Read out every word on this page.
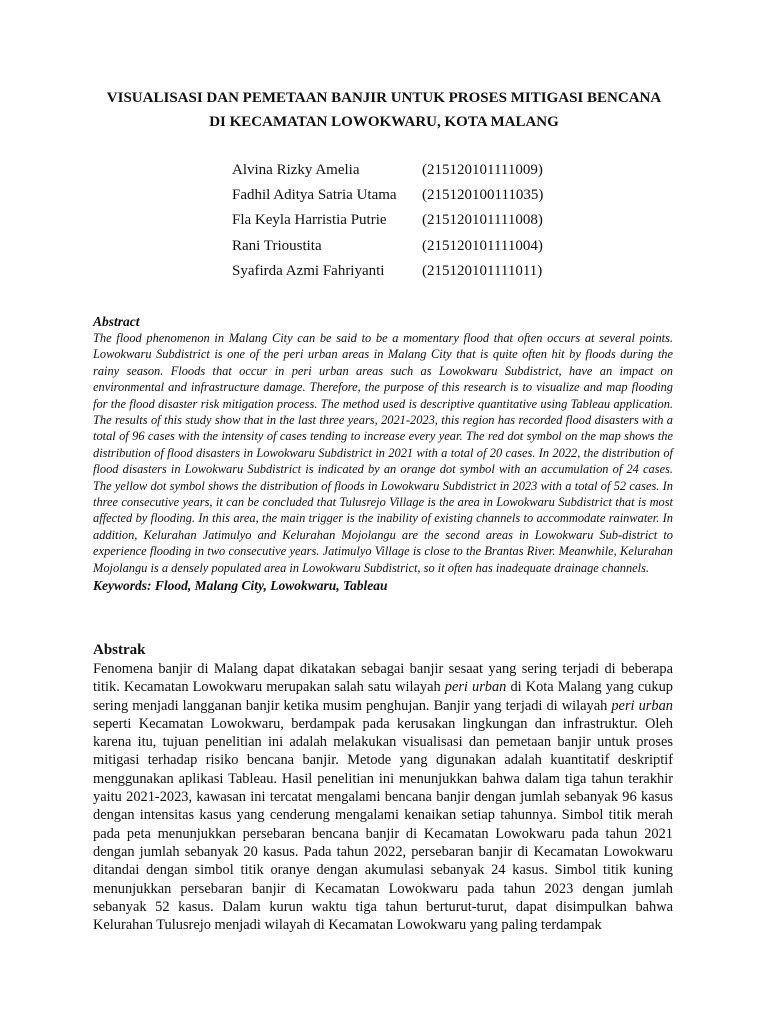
VISUALISASI DAN PEMETAAN BANJIR UNTUK PROSES MITIGASI BENCANA
DI KECAMATAN LOWOKWARU, KOTA MALANG
Alvina Rizky Amelia	(215120101111009)
Fadhil Aditya Satria Utama	(215120100111035)
Fla Keyla Harristia Putrie	(215120101111008)
Rani Trioustita	(215120101111004)
Syafirda Azmi Fahriyanti	(215120101111011)
Abstract
The flood phenomenon in Malang City can be said to be a momentary flood that often occurs at several points. Lowokwaru Subdistrict is one of the peri urban areas in Malang City that is quite often hit by floods during the rainy season. Floods that occur in peri urban areas such as Lowokwaru Subdistrict, have an impact on environmental and infrastructure damage. Therefore, the purpose of this research is to visualize and map flooding for the flood disaster risk mitigation process. The method used is descriptive quantitative using Tableau application. The results of this study show that in the last three years, 2021-2023, this region has recorded flood disasters with a total of 96 cases with the intensity of cases tending to increase every year. The red dot symbol on the map shows the distribution of flood disasters in Lowokwaru Subdistrict in 2021 with a total of 20 cases. In 2022, the distribution of flood disasters in Lowokwaru Subdistrict is indicated by an orange dot symbol with an accumulation of 24 cases. The yellow dot symbol shows the distribution of floods in Lowokwaru Subdistrict in 2023 with a total of 52 cases. In three consecutive years, it can be concluded that Tulusrejo Village is the area in Lowokwaru Subdistrict that is most affected by flooding. In this area, the main trigger is the inability of existing channels to accommodate rainwater. In addition, Kelurahan Jatimulyo and Kelurahan Mojolangu are the second areas in Lowokwaru Sub-district to experience flooding in two consecutive years. Jatimulyo Village is close to the Brantas River. Meanwhile, Kelurahan Mojolangu is a densely populated area in Lowokwaru Subdistrict, so it often has inadequate drainage channels.
Keywords: Flood, Malang City, Lowokwaru, Tableau
Abstrak
Fenomena banjir di Malang dapat dikatakan sebagai banjir sesaat yang sering terjadi di beberapa titik. Kecamatan Lowokwaru merupakan salah satu wilayah peri urban di Kota Malang yang cukup sering menjadi langganan banjir ketika musim penghujan. Banjir yang terjadi di wilayah peri urban seperti Kecamatan Lowokwaru, berdampak pada kerusakan lingkungan dan infrastruktur. Oleh karena itu, tujuan penelitian ini adalah melakukan visualisasi dan pemetaan banjir untuk proses mitigasi terhadap risiko bencana banjir. Metode yang digunakan adalah kuantitatif deskriptif menggunakan aplikasi Tableau. Hasil penelitian ini menunjukkan bahwa dalam tiga tahun terakhir yaitu 2021-2023, kawasan ini tercatat mengalami bencana banjir dengan jumlah sebanyak 96 kasus dengan intensitas kasus yang cenderung mengalami kenaikan setiap tahunnya. Simbol titik merah pada peta menunjukkan persebaran bencana banjir di Kecamatan Lowokwaru pada tahun 2021 dengan jumlah sebanyak 20 kasus. Pada tahun 2022, persebaran banjir di Kecamatan Lowokwaru ditandai dengan simbol titik oranye dengan akumulasi sebanyak 24 kasus. Simbol titik kuning menunjukkan persebaran banjir di Kecamatan Lowokwaru pada tahun 2023 dengan jumlah sebanyak 52 kasus. Dalam kurun waktu tiga tahun berturut-turut, dapat disimpulkan bahwa Kelurahan Tulusrejo menjadi wilayah di Kecamatan Lowokwaru yang paling terdampak
